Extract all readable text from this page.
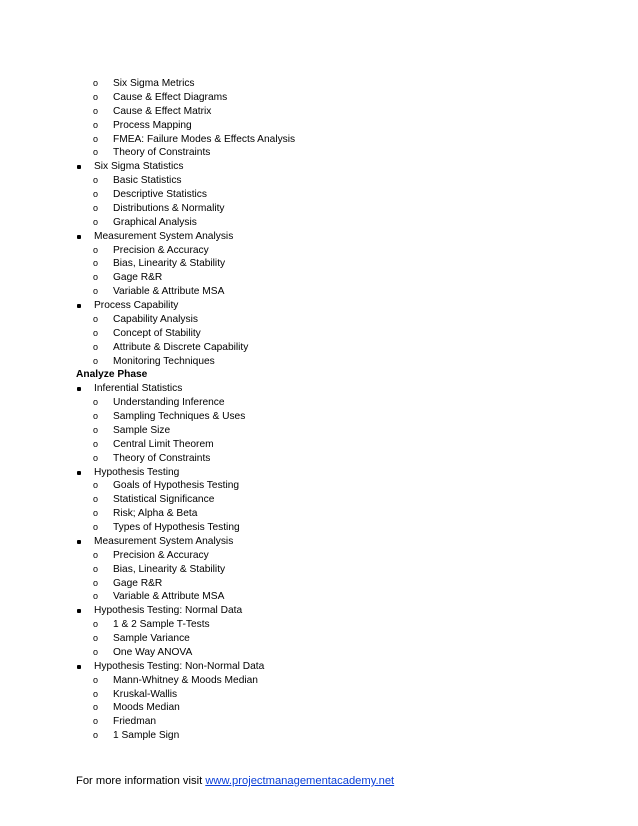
o Six Sigma Metrics
o Cause & Effect Diagrams
o Cause & Effect Matrix
o Process Mapping
o FMEA: Failure Modes & Effects Analysis
o Theory of Constraints
Six Sigma Statistics
o Basic Statistics
o Descriptive Statistics
o Distributions & Normality
o Graphical Analysis
Measurement System Analysis
o Precision & Accuracy
o Bias, Linearity & Stability
o Gage R&R
o Variable & Attribute MSA
Process Capability
o Capability Analysis
o Concept of Stability
o Attribute & Discrete Capability
o Monitoring Techniques
Analyze Phase
Inferential Statistics
o Understanding Inference
o Sampling Techniques & Uses
o Sample Size
o Central Limit Theorem
o Theory of Constraints
Hypothesis Testing
o Goals of Hypothesis Testing
o Statistical Significance
o Risk; Alpha & Beta
o Types of Hypothesis Testing
Measurement System Analysis
o Precision & Accuracy
o Bias, Linearity & Stability
o Gage R&R
o Variable & Attribute MSA
Hypothesis Testing: Normal Data
o 1 & 2 Sample T-Tests
o Sample Variance
o One Way ANOVA
Hypothesis Testing: Non-Normal Data
o Mann-Whitney & Moods Median
o Kruskal-Wallis
o Moods Median
o Friedman
o 1 Sample Sign
For more information visit www.projectmanagementacademy.net
